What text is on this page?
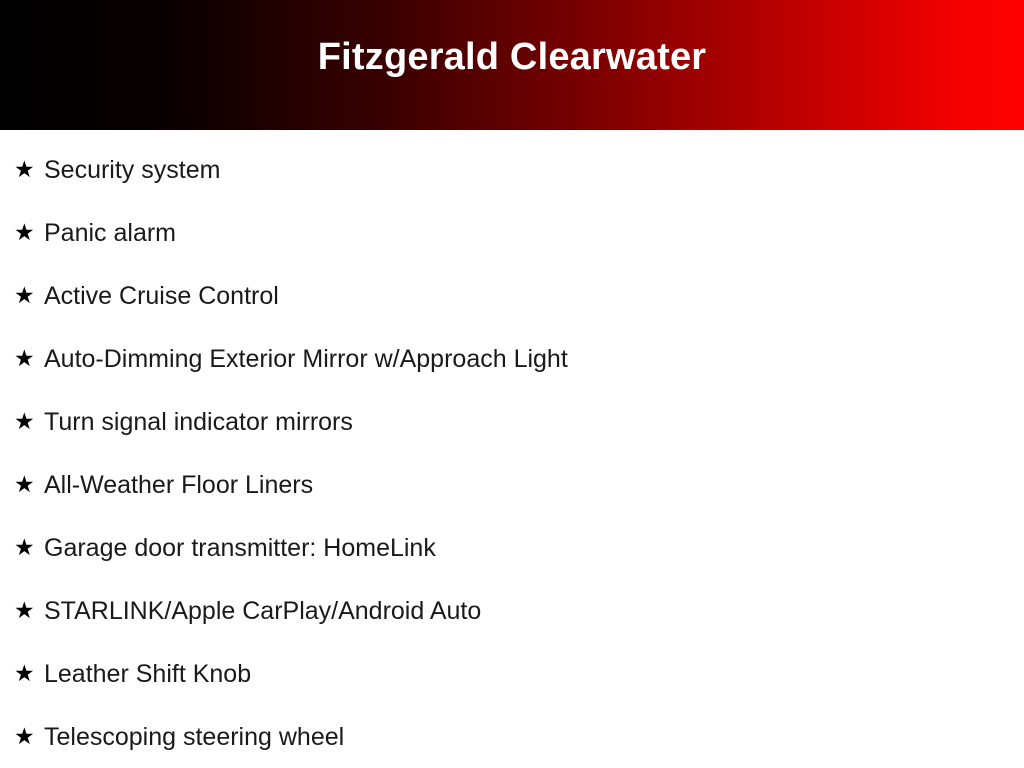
Fitzgerald Clearwater
★ Security system
★ Panic alarm
★ Active Cruise Control
★ Auto-Dimming Exterior Mirror w/Approach Light
★ Turn signal indicator mirrors
★ All-Weather Floor Liners
★ Garage door transmitter: HomeLink
★ STARLINK/Apple CarPlay/Android Auto
★ Leather Shift Knob
★ Telescoping steering wheel
